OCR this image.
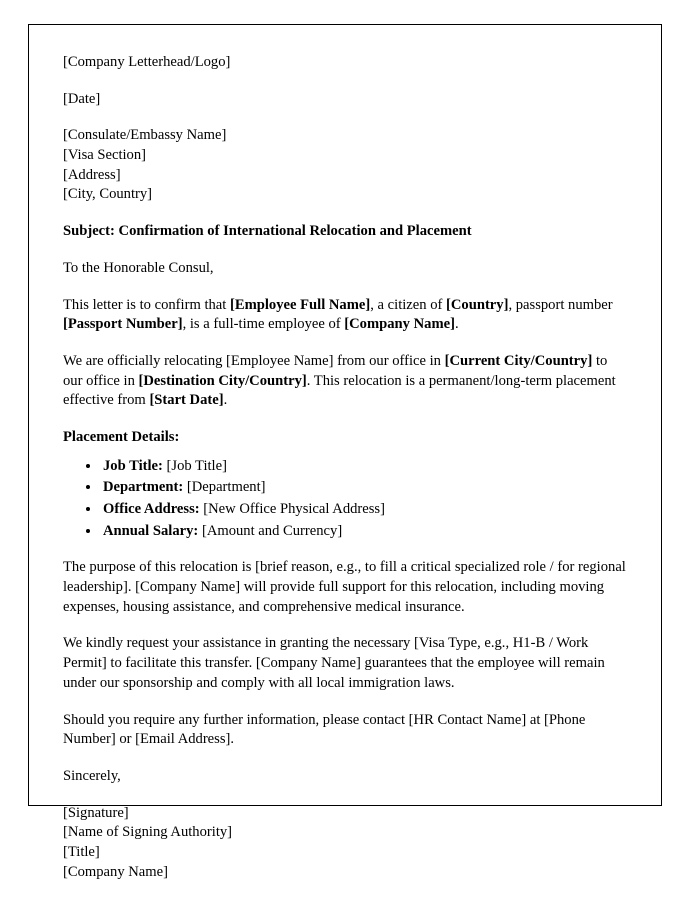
[Company Letterhead/Logo]

[Date]

[Consulate/Embassy Name]
[Visa Section]
[Address]
[City, Country]

Subject: Confirmation of International Relocation and Placement

To the Honorable Consul,

This letter is to confirm that [Employee Full Name], a citizen of [Country], passport number [Passport Number], is a full-time employee of [Company Name].

We are officially relocating [Employee Name] from our office in [Current City/Country] to our office in [Destination City/Country]. This relocation is a permanent/long-term placement effective from [Start Date].

Placement Details:

• Job Title: [Job Title]
• Department: [Department]
• Office Address: [New Office Physical Address]
• Annual Salary: [Amount and Currency]

The purpose of this relocation is [brief reason, e.g., to fill a critical specialized role / for regional leadership]. [Company Name] will provide full support for this relocation, including moving expenses, housing assistance, and comprehensive medical insurance.

We kindly request your assistance in granting the necessary [Visa Type, e.g., H1-B / Work Permit] to facilitate this transfer. [Company Name] guarantees that the employee will remain under our sponsorship and comply with all local immigration laws.

Should you require any further information, please contact [HR Contact Name] at [Phone Number] or [Email Address].

Sincerely,

[Signature]
[Name of Signing Authority]
[Title]
[Company Name]
